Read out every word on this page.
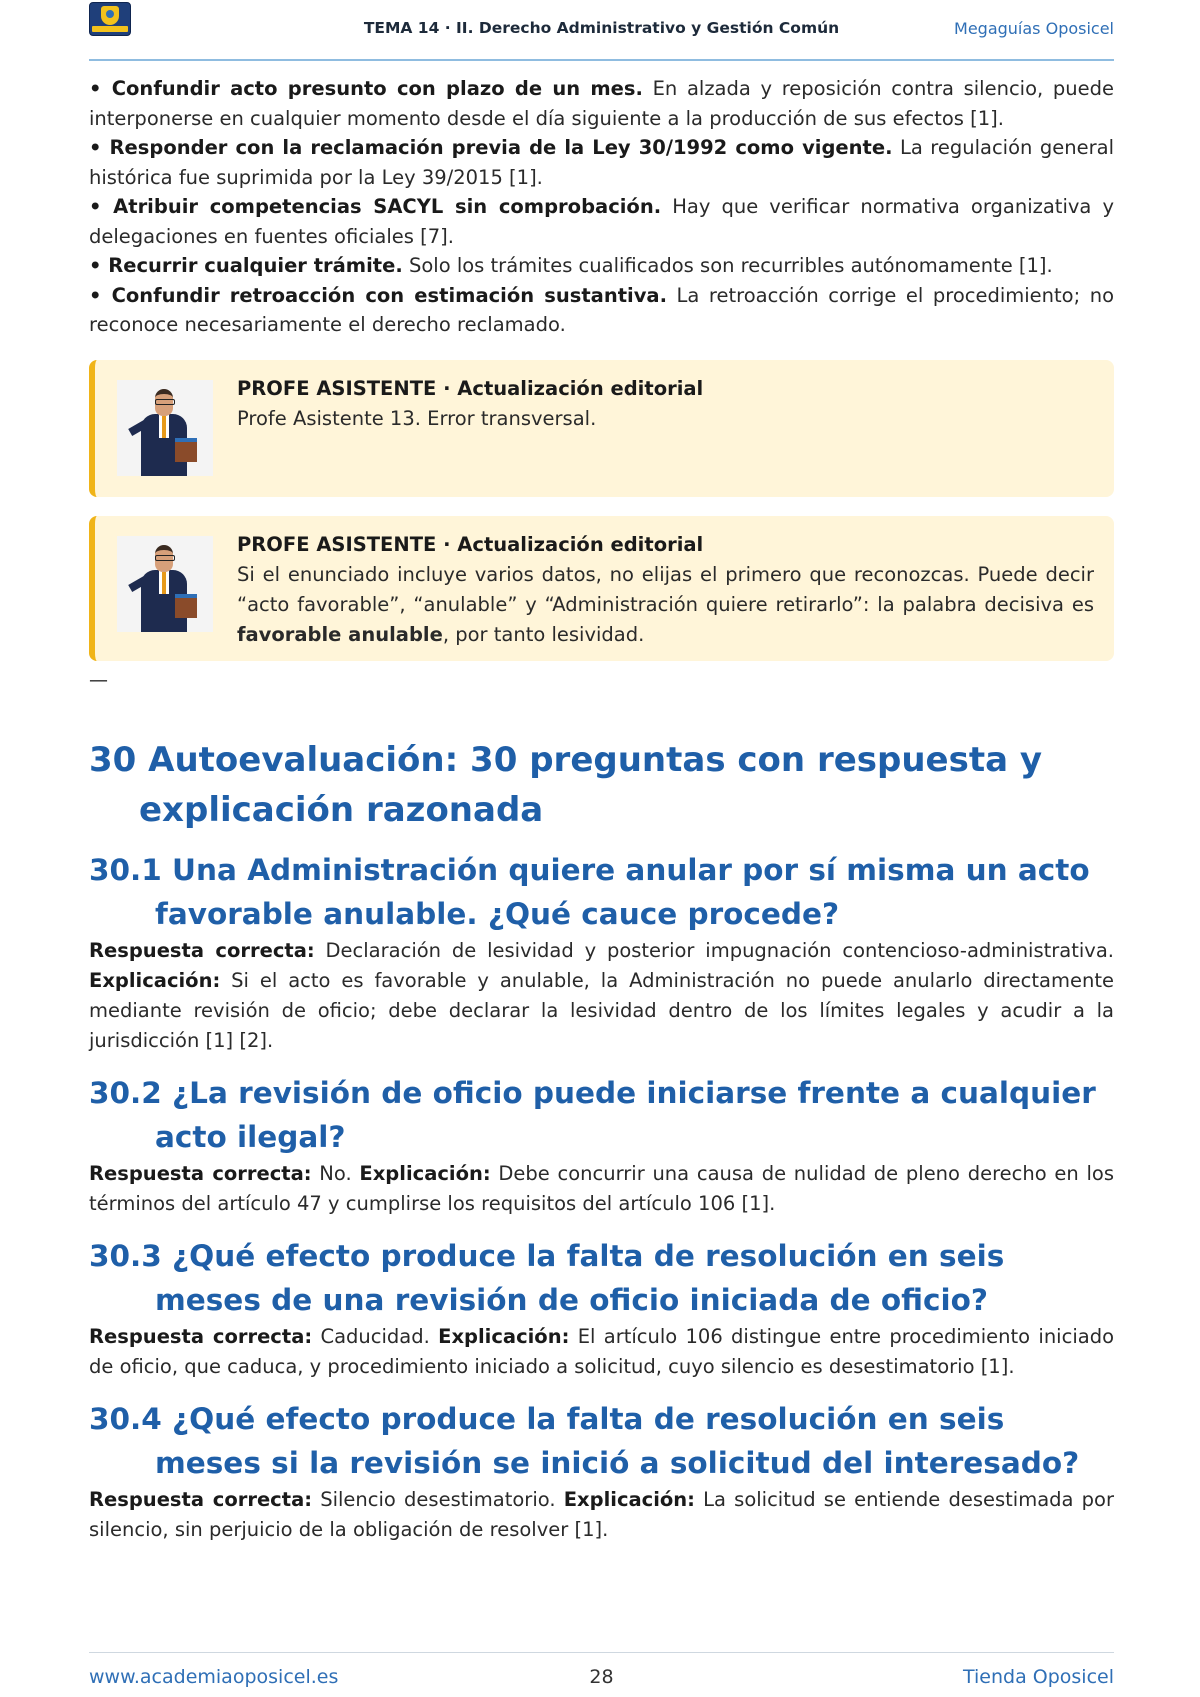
TEMA 14 · II. Derecho Administrativo y Gestión Común	Megaguías Oposicel

• Confundir acto presunto con plazo de un mes. En alzada y reposición contra silencio, puede interponerse en cualquier momento desde el día siguiente a la producción de sus efectos [1].

• Responder con la reclamación previa de la Ley 30/1992 como vigente. La regulación general histórica fue suprimida por la Ley 39/2015 [1].

• Atribuir competencias SACYL sin comprobación. Hay que verificar normativa organizativa y delegaciones en fuentes oficiales [7].

• Recurrir cualquier trámite. Solo los trámites cualificados son recurribles autónomamente [1].

• Confundir retroacción con estimación sustantiva. La retroacción corrige el procedimiento; no reconoce necesariamente el derecho reclamado.

PROFE ASISTENTE · Actualización editorial
Profe Asistente 13. Error transversal.
PROFE ASISTENTE · Actualización editorial
Si el enunciado incluye varios datos, no elijas el primero que reconozcas. Puede decir “acto favorable”, “anulable” y “Administración quiere retirarlo”: la palabra decisiva es favorable anulable, por tanto lesividad.
—
30 Autoevaluación: 30 preguntas con respuesta y explicación razonada
30.1 Una Administración quiere anular por sí misma un acto favorable anulable. ¿Qué cauce procede?

Respuesta correcta: Declaración de lesividad y posterior impugnación contencioso-administrativa. Explicación: Si el acto es favorable y anulable, la Administración no puede anularlo directamente mediante revisión de oficio; debe declarar la lesividad dentro de los límites legales y acudir a la jurisdicción [1] [2].

30.2 ¿La revisión de oficio puede iniciarse frente a cualquier acto ilegal?

Respuesta correcta: No. Explicación: Debe concurrir una causa de nulidad de pleno derecho en los términos del artículo 47 y cumplirse los requisitos del artículo 106 [1].

30.3 ¿Qué efecto produce la falta de resolución en seis meses de una revisión de oficio iniciada de oficio?

Respuesta correcta: Caducidad. Explicación: El artículo 106 distingue entre procedimiento iniciado de oficio, que caduca, y procedimiento iniciado a solicitud, cuyo silencio es desestimatorio [1].

30.4 ¿Qué efecto produce la falta de resolución en seis meses si la revisión se inició a solicitud del interesado?

Respuesta correcta: Silencio desestimatorio. Explicación: La solicitud se entiende desestimada por silencio, sin perjuicio de la obligación de resolver [1].

www.academiaoposicel.es	28	Tienda Oposicel
